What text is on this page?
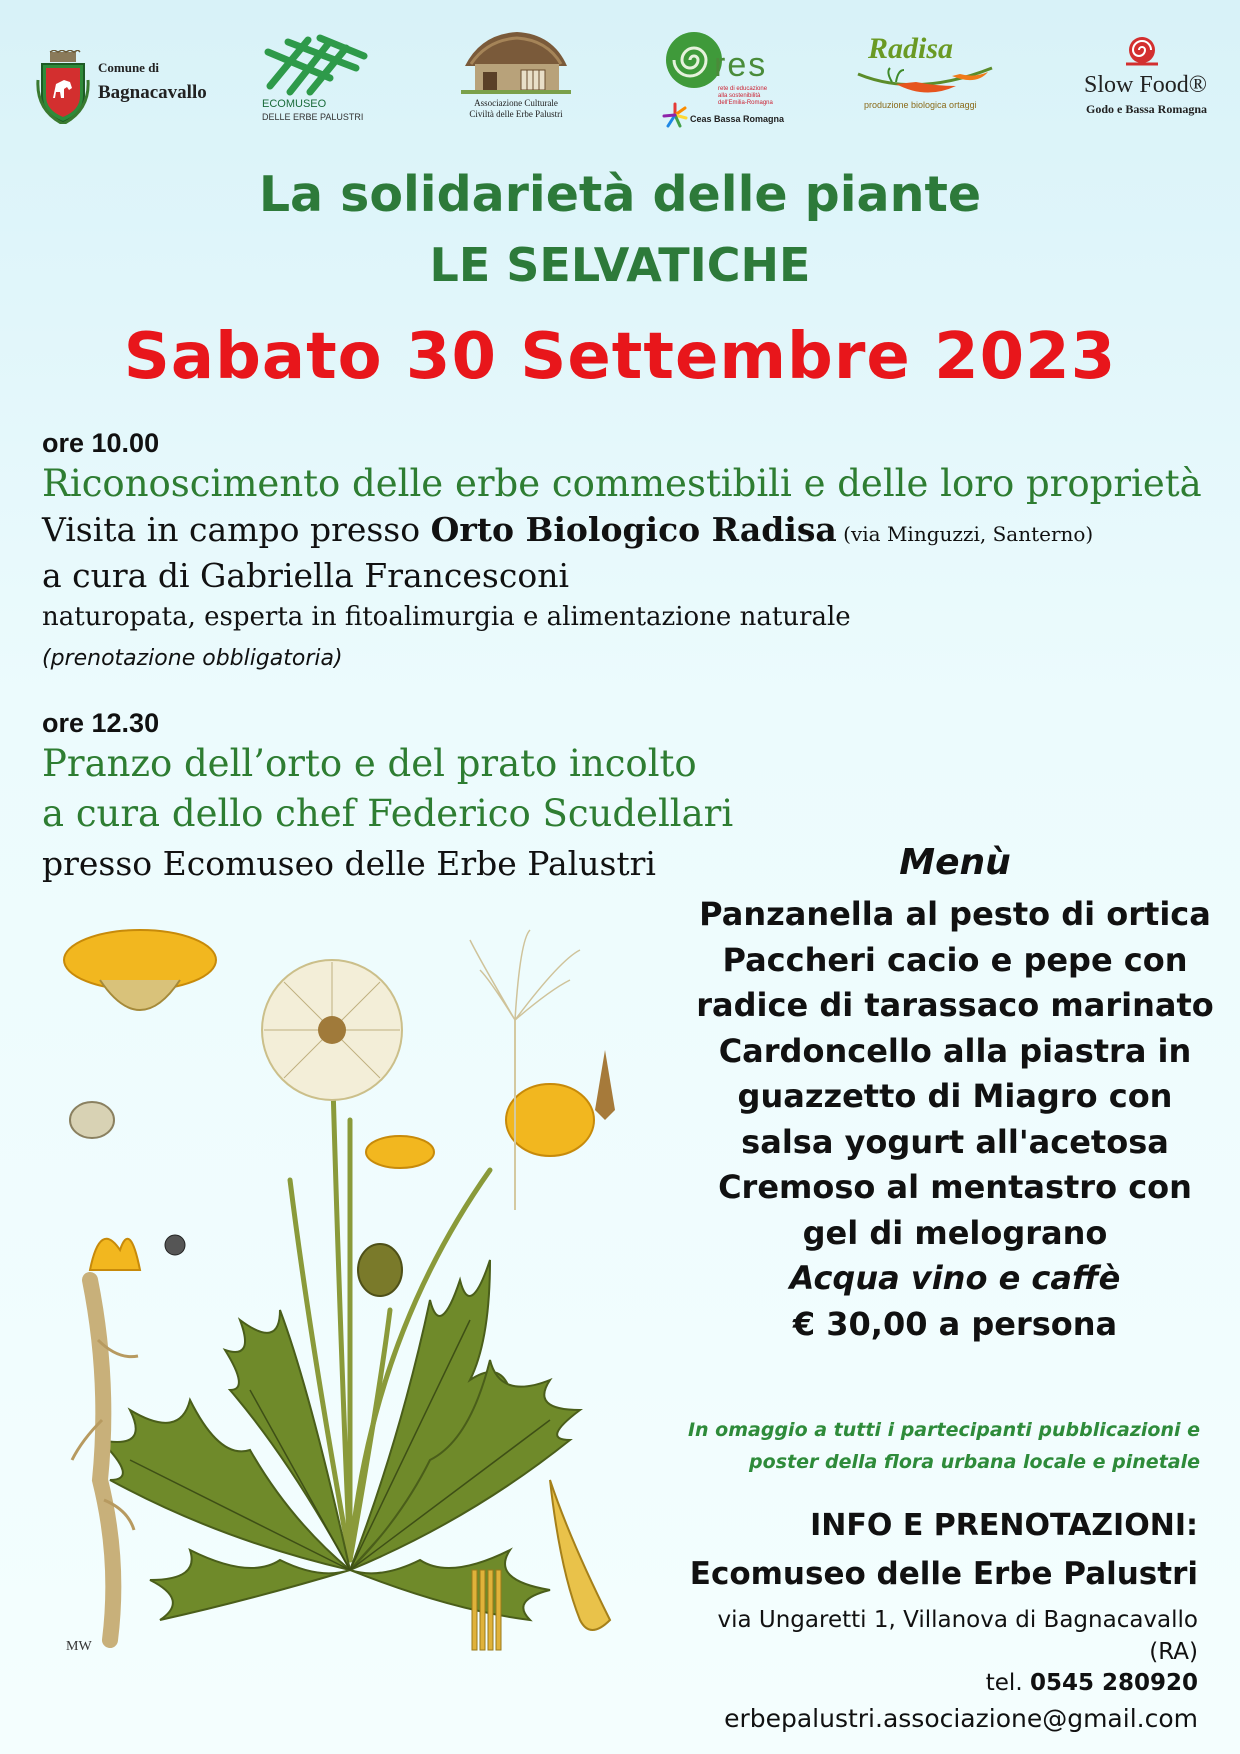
Comune di
Bagnacavallo
ECOMUSEO
DELLE ERBE PALUSTRI
Associazione Culturale
Civiltà delle Erbe Palustri
res
rete di educazione alla sostenibilità dell'Emilia-Romagna
Ceas Bassa Romagna
Radisa
produzione biologica ortaggi
Slow Food®
Godo e Bassa Romagna
La solidarietà delle piante
LE SELVATICHE
Sabato 30 Settembre 2023
ore 10.00
Riconoscimento delle erbe commestibili e delle loro proprietà
Visita in campo presso Orto Biologico Radisa (via Minguzzi, Santerno)
a cura di Gabriella Francesconi
naturopata, esperta in fitoalimurgia e alimentazione naturale
(prenotazione obbligatoria)
ore 12.30
Pranzo dell’orto e del prato incolto
a cura dello chef Federico Scudellari
presso Ecomuseo delle Erbe Palustri	Menù
Panzanella al pesto di ortica
Paccheri cacio e pepe con
radice di tarassaco marinato
Cardoncello alla piastra in
guazzetto di Miagro con
salsa yogurt all'acetosa
Cremoso al mentastro con
gel di melograno
Acqua vino e caffè
€ 30,00 a persona
In omaggio a tutti i partecipanti pubblicazioni e
poster della flora urbana locale e pinetale
INFO E PRENOTAZIONI:
Ecomuseo delle Erbe Palustri
via Ungaretti 1, Villanova di Bagnacavallo
(RA)
tel. 0545 280920
erbepalustri.associazione@gmail.com
MW
